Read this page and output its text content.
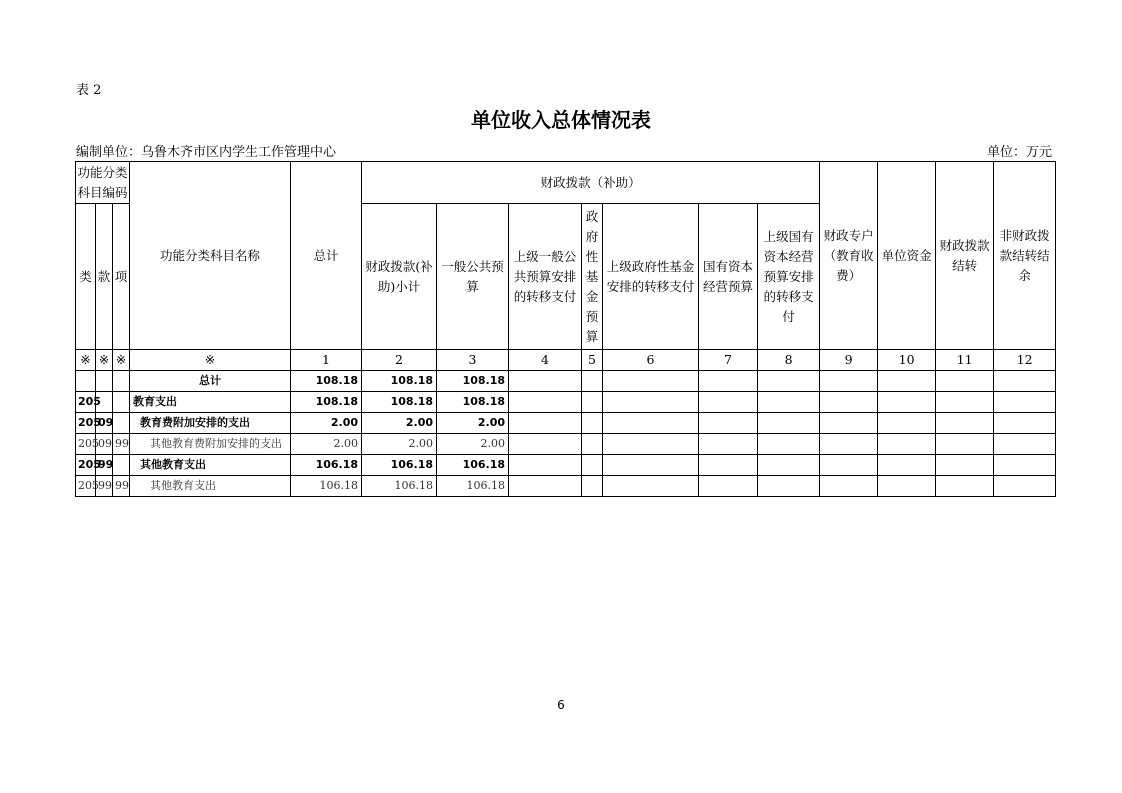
表 2
单位收入总体情况表
编制单位：乌鲁木齐市区内学生工作管理中心	单位：万元
功能分类科目编码			功能分类科目名称	总计	财政拨款（补助）							财政专户（教育收费）	单位资金	财政拨款结转	非财政拨款结转结余
类	款	项			财政拨款(补助)小计	一般公共预算	上级一般公共预算安排的转移支付	政府性基金预算	上级政府性基金安排的转移支付	国有资本经营预算	上级国有资本经营预算安排的转移支付				
※	※	※	※	1	2	3	4	5	6	7	8	9	10	11	12
			总计	108.18	108.18	108.18									
205			教育支出	108.18	108.18	108.18									
205	09		教育费附加安排的支出	2.00	2.00	2.00									
205	09	99	其他教育费附加安排的支出	2.00	2.00	2.00									
205	99		其他教育支出	106.18	106.18	106.18									
205	99	99	其他教育支出	106.18	106.18	106.18									
6
